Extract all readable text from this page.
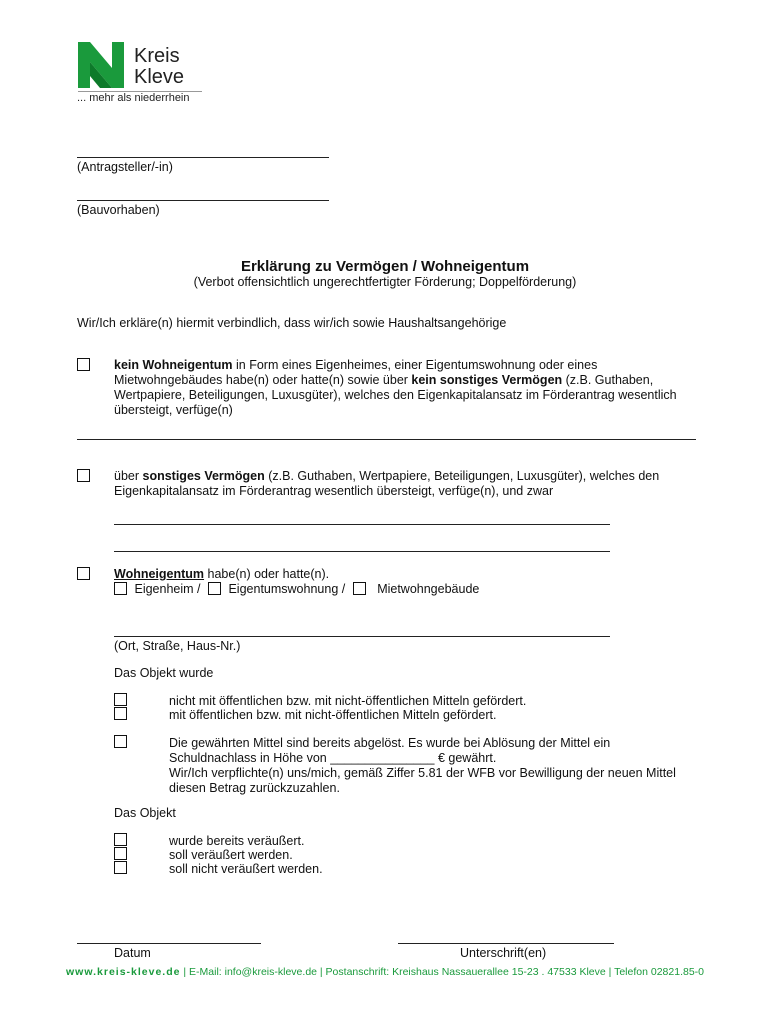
Kreis
Kleve
... mehr als niederrhein
(Antragsteller/-in)
(Bauvorhaben)
Erklärung zu Vermögen / Wohneigentum
(Verbot offensichtlich ungerechtfertigter Förderung; Doppelförderung)
Wir/Ich erkläre(n) hiermit verbindlich, dass wir/ich sowie Haushaltsangehörige
kein Wohneigentum in Form eines Eigenheimes, einer Eigentumswohnung oder eines
Mietwohngebäudes habe(n) oder hatte(n) sowie über kein sonstiges Vermögen (z.B. Guthaben,
Wertpapiere, Beteiligungen, Luxusgüter), welches den Eigenkapitalansatz im Förderantrag wesentlich
übersteigt, verfüge(n)
über sonstiges Vermögen (z.B. Guthaben, Wertpapiere, Beteiligungen, Luxusgüter), welches den
Eigenkapitalansatz im Förderantrag wesentlich übersteigt, verfüge(n), und zwar
Wohneigentum habe(n) oder hatte(n).
Eigenheim / Eigentumswohnung /	Mietwohngebäude
(Ort, Straße, Haus-Nr.)
Das Objekt wurde
nicht mit öffentlichen bzw. mit nicht-öffentlichen Mitteln gefördert.
mit öffentlichen bzw. mit nicht-öffentlichen Mitteln gefördert.
Die gewährten Mittel sind bereits abgelöst. Es wurde bei Ablösung der Mittel ein
Schuldnachlass in Höhe von _______________ € gewährt.
Wir/Ich verpflichte(n) uns/mich, gemäß Ziffer 5.81 der WFB vor Bewilligung der neuen Mittel
diesen Betrag zurückzuzahlen.
Das Objekt
wurde bereits veräußert.
soll veräußert werden.
soll nicht veräußert werden.
Datum	Unterschrift(en)
www.kreis-kleve.de | E-Mail: info@kreis-kleve.de | Postanschrift: Kreishaus Nassauerallee 15-23 . 47533 Kleve | Telefon 02821.85-0
